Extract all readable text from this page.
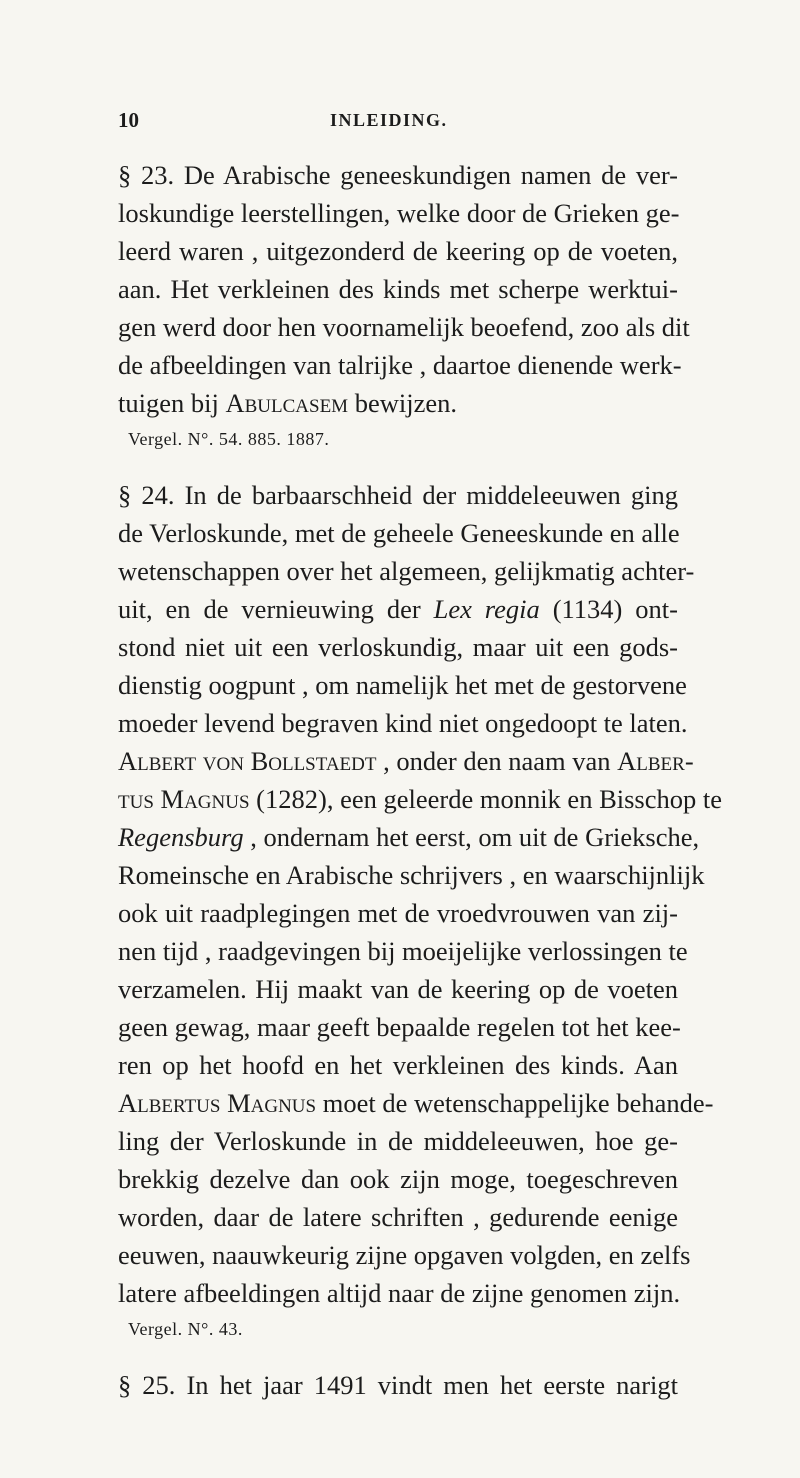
10	INLEIDING.
§ 23. De Arabische geneeskundigen namen de ver-
loskundige leerstellingen, welke door de Grieken ge-
leerd waren , uitgezonderd de keering op de voeten,
aan. Het verkleinen des kinds met scherpe werktui-
gen werd door hen voornamelijk beoefend, zoo als dit
de afbeeldingen van talrijke , daartoe dienende werk-
tuigen bij Abulcasem bewijzen.
Vergel. N°. 54. 885. 1887.
§ 24. In de barbaarschheid der middeleeuwen ging
de Verloskunde, met de geheele Geneeskunde en alle
wetenschappen over het algemeen, gelijkmatig achter-
uit, en de vernieuwing der Lex regia (1134) ont-
stond niet uit een verloskundig, maar uit een gods-
dienstig oogpunt , om namelijk het met de gestorvene
moeder levend begraven kind niet ongedoopt te laten.
Albert von Bollstaedt , onder den naam van Alber-
tus Magnus (1282), een geleerde monnik en Bisschop te
Regensburg , ondernam het eerst, om uit de Grieksche,
Romeinsche en Arabische schrijvers , en waarschijnlijk
ook uit raadplegingen met de vroedvrouwen van zij-
nen tijd , raadgevingen bij moeijelijke verlossingen te
verzamelen. Hij maakt van de keering op de voeten
geen gewag, maar geeft bepaalde regelen tot het kee-
ren op het hoofd en het verkleinen des kinds. Aan
Albertus Magnus moet de wetenschappelijke behande-
ling der Verloskunde in de middeleeuwen, hoe ge-
brekkig dezelve dan ook zijn moge, toegeschreven
worden, daar de latere schriften , gedurende eenige
eeuwen, naauwkeurig zijne opgaven volgden, en zelfs
latere afbeeldingen altijd naar de zijne genomen zijn.
Vergel. N°. 43.
§ 25. In het jaar 1491 vindt men het eerste narigt
